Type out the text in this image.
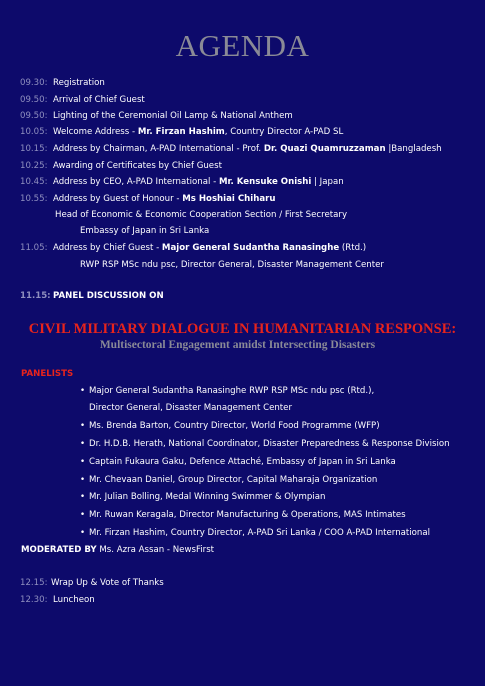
AGENDA
09.30: Registration
09.50: Arrival of Chief Guest
09.50: Lighting of the Ceremonial Oil Lamp & National Anthem
10.05: Welcome Address - Mr. Firzan Hashim, Country Director A-PAD SL
10.15: Address by Chairman, A-PAD International - Prof. Dr. Quazi Quamruzzaman |Bangladesh
10.25: Awarding of Certificates by Chief Guest
10.45: Address by CEO, A-PAD International - Mr. Kensuke Onishi | Japan
10.55: Address by Guest of Honour - Ms Hoshiai Chiharu
Head of Economic & Economic Cooperation Section / First Secretary
Embassy of Japan in Sri Lanka
11.05: Address by Chief Guest - Major General Sudantha Ranasinghe (Rtd.)
RWP RSP MSc ndu psc, Director General, Disaster Management Center
11.15: PANEL DISCUSSION ON
CIVIL MILITARY DIALOGUE IN HUMANITARIAN RESPONSE:
Multisectoral Engagement amidst Intersecting Disasters
PANELISTS
• Major General Sudantha Ranasinghe RWP RSP MSc ndu psc (Rtd.),
Director General, Disaster Management Center
• Ms. Brenda Barton, Country Director, World Food Programme (WFP)
• Dr. H.D.B. Herath, National Coordinator, Disaster Preparedness & Response Division
• Captain Fukaura Gaku, Defence Attaché, Embassy of Japan in Sri Lanka
• Mr. Chevaan Daniel, Group Director, Capital Maharaja Organization
• Mr. Julian Bolling, Medal Winning Swimmer & Olympian
• Mr. Ruwan Keragala, Director Manufacturing & Operations, MAS Intimates
• Mr. Firzan Hashim, Country Director, A-PAD Sri Lanka / COO A-PAD International
MODERATED BY Ms. Azra Assan - NewsFirst
12.15: Wrap Up & Vote of Thanks
12.30: Luncheon
